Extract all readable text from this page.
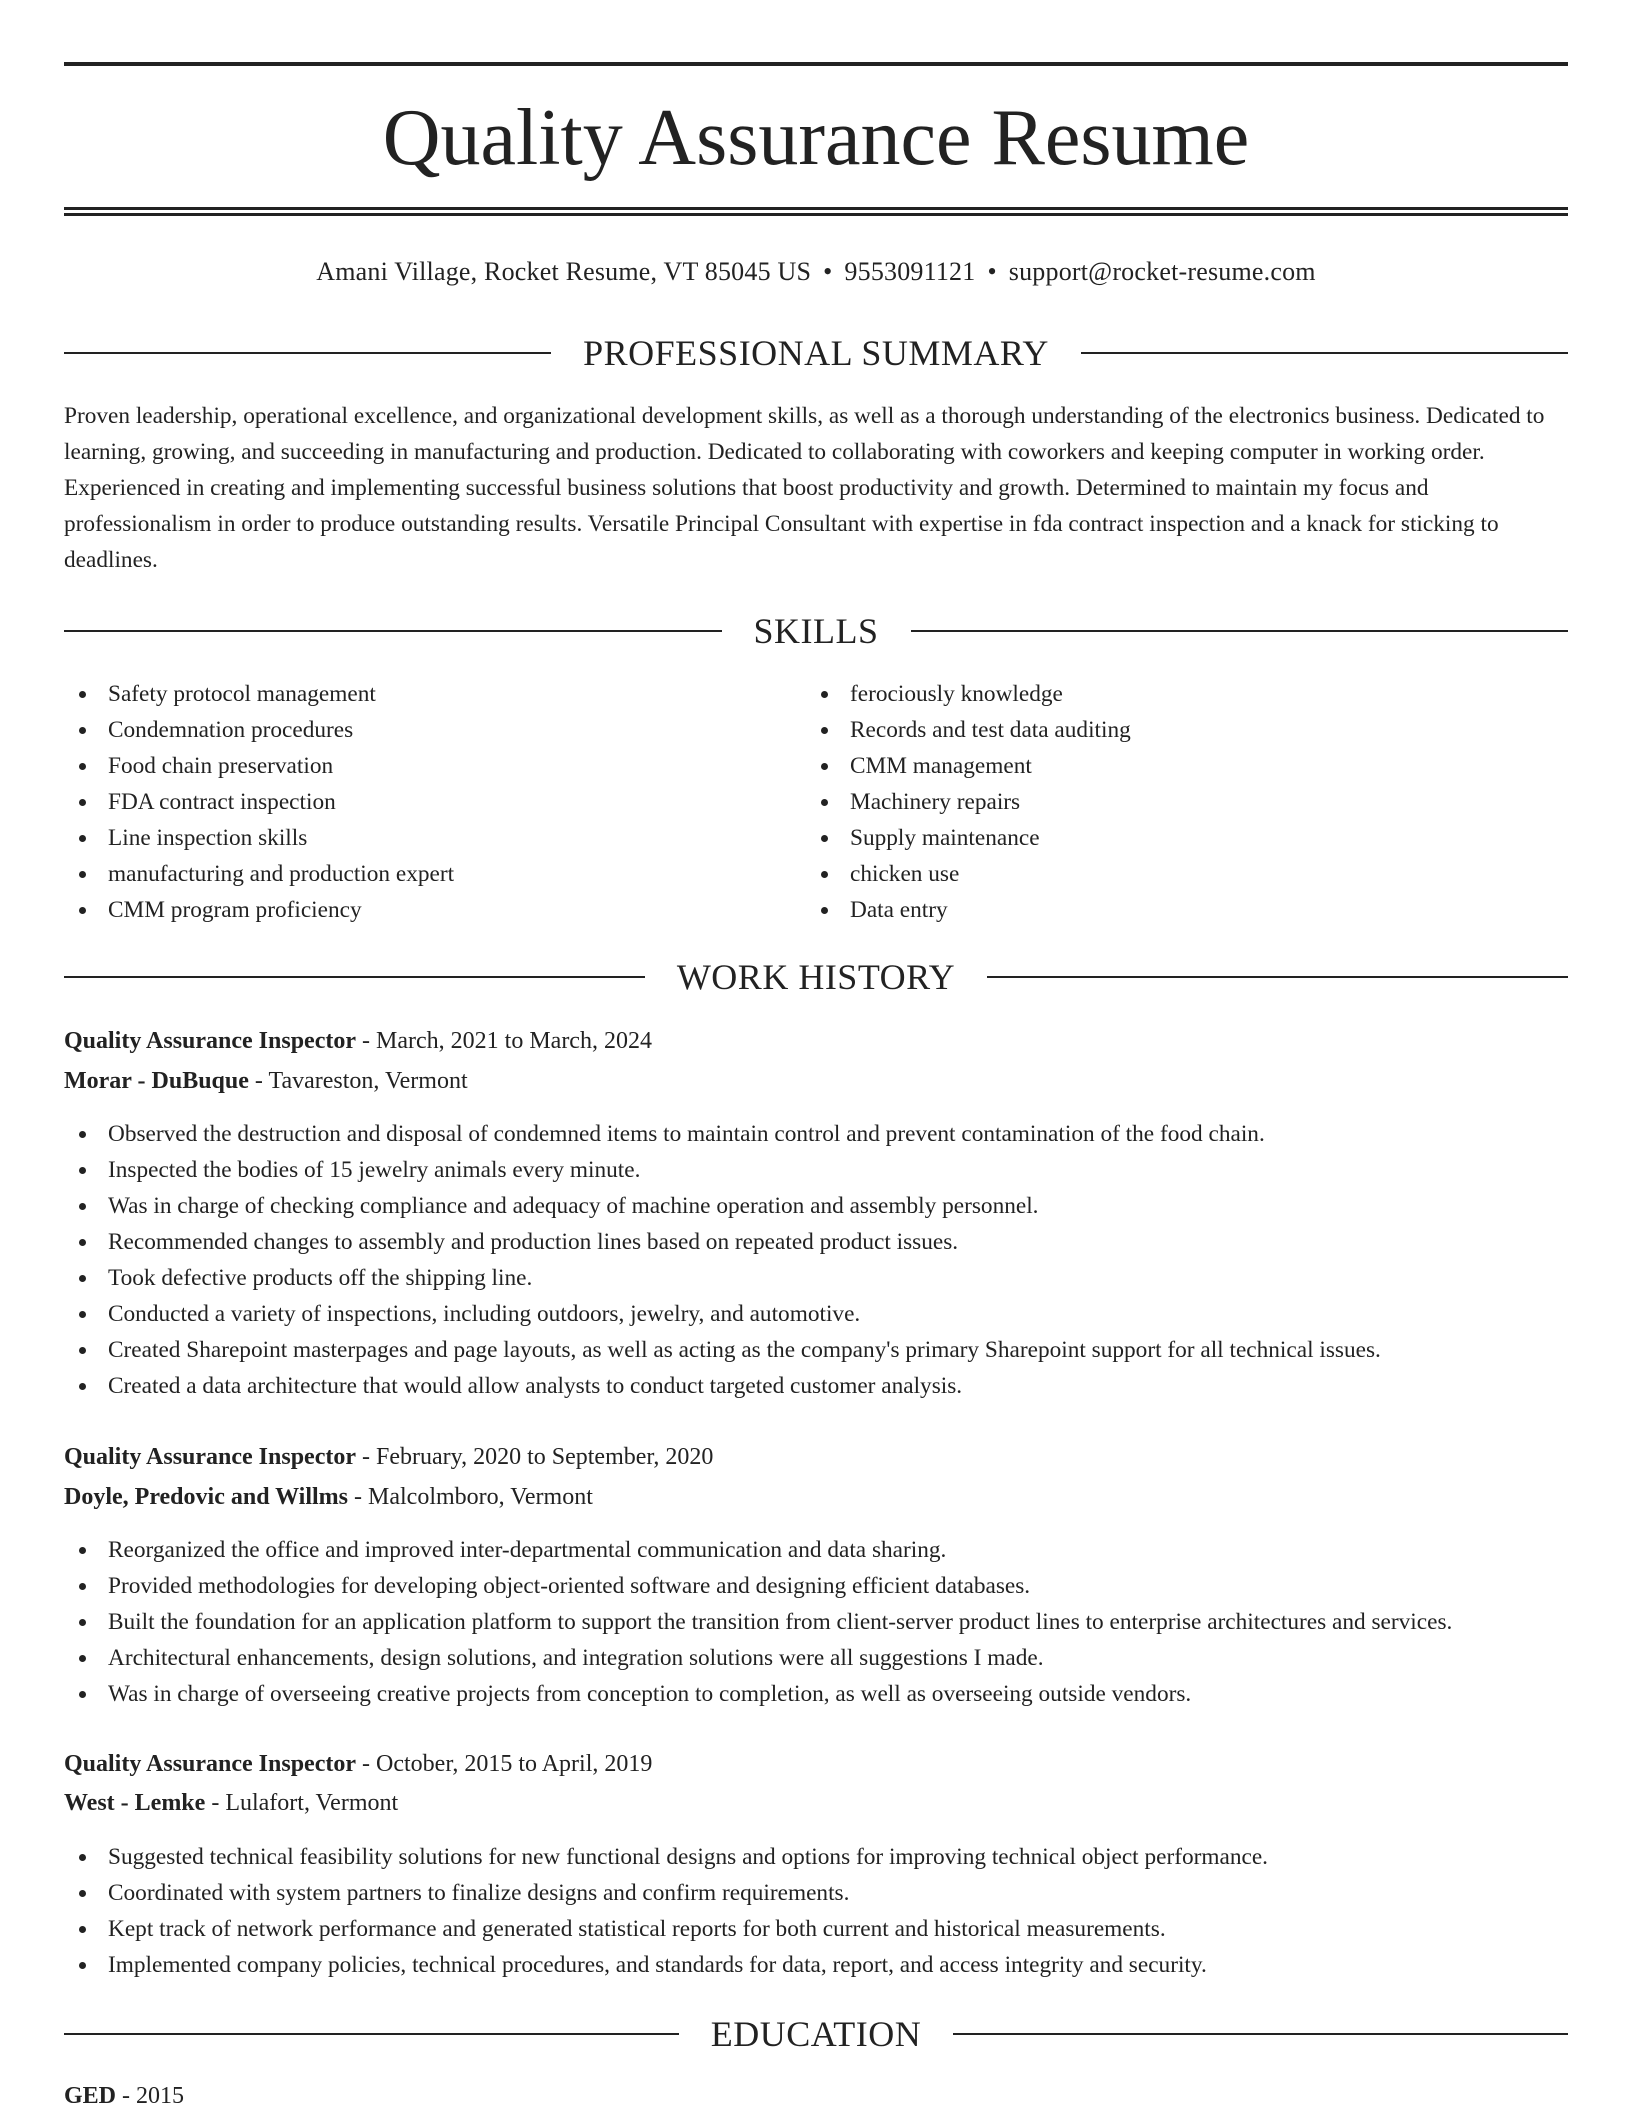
Quality Assurance Resume
Amani Village, Rocket Resume, VT 85045 US • 9553091121 • support@rocket-resume.com
PROFESSIONAL SUMMARY

Proven leadership, operational excellence, and organizational development skills, as well as a thorough understanding of the electronics business. Dedicated to learning, growing, and succeeding in manufacturing and production. Dedicated to collaborating with coworkers and keeping computer in working order. Experienced in creating and implementing successful business solutions that boost productivity and growth. Determined to maintain my focus and professionalism in order to produce outstanding results. Versatile Principal Consultant with expertise in fda contract inspection and a knack for sticking to deadlines.

SKILLS
Safety protocol management
Condemnation procedures
Food chain preservation
FDA contract inspection
Line inspection skills
manufacturing and production expert
CMM program proficiency
ferociously knowledge
Records and test data auditing
CMM management
Machinery repairs
Supply maintenance
chicken use
Data entry
WORK HISTORY

Quality Assurance Inspector - March, 2021 to March, 2024

Morar - DuBuque - Tavareston, Vermont

Observed the destruction and disposal of condemned items to maintain control and prevent contamination of the food chain.
Inspected the bodies of 15 jewelry animals every minute.
Was in charge of checking compliance and adequacy of machine operation and assembly personnel.
Recommended changes to assembly and production lines based on repeated product issues.
Took defective products off the shipping line.
Conducted a variety of inspections, including outdoors, jewelry, and automotive.
Created Sharepoint masterpages and page layouts, as well as acting as the company's primary Sharepoint support for all technical issues.
Created a data architecture that would allow analysts to conduct targeted customer analysis.

Quality Assurance Inspector - February, 2020 to September, 2020

Doyle, Predovic and Willms - Malcolmboro, Vermont

Reorganized the office and improved inter-departmental communication and data sharing.
Provided methodologies for developing object-oriented software and designing efficient databases.
Built the foundation for an application platform to support the transition from client-server product lines to enterprise architectures and services.
Architectural enhancements, design solutions, and integration solutions were all suggestions I made.
Was in charge of overseeing creative projects from conception to completion, as well as overseeing outside vendors.

Quality Assurance Inspector - October, 2015 to April, 2019

West - Lemke - Lulafort, Vermont

Suggested technical feasibility solutions for new functional designs and options for improving technical object performance.
Coordinated with system partners to finalize designs and confirm requirements.
Kept track of network performance and generated statistical reports for both current and historical measurements.
Implemented company policies, technical procedures, and standards for data, report, and access integrity and security.
EDUCATION

GED - 2015
